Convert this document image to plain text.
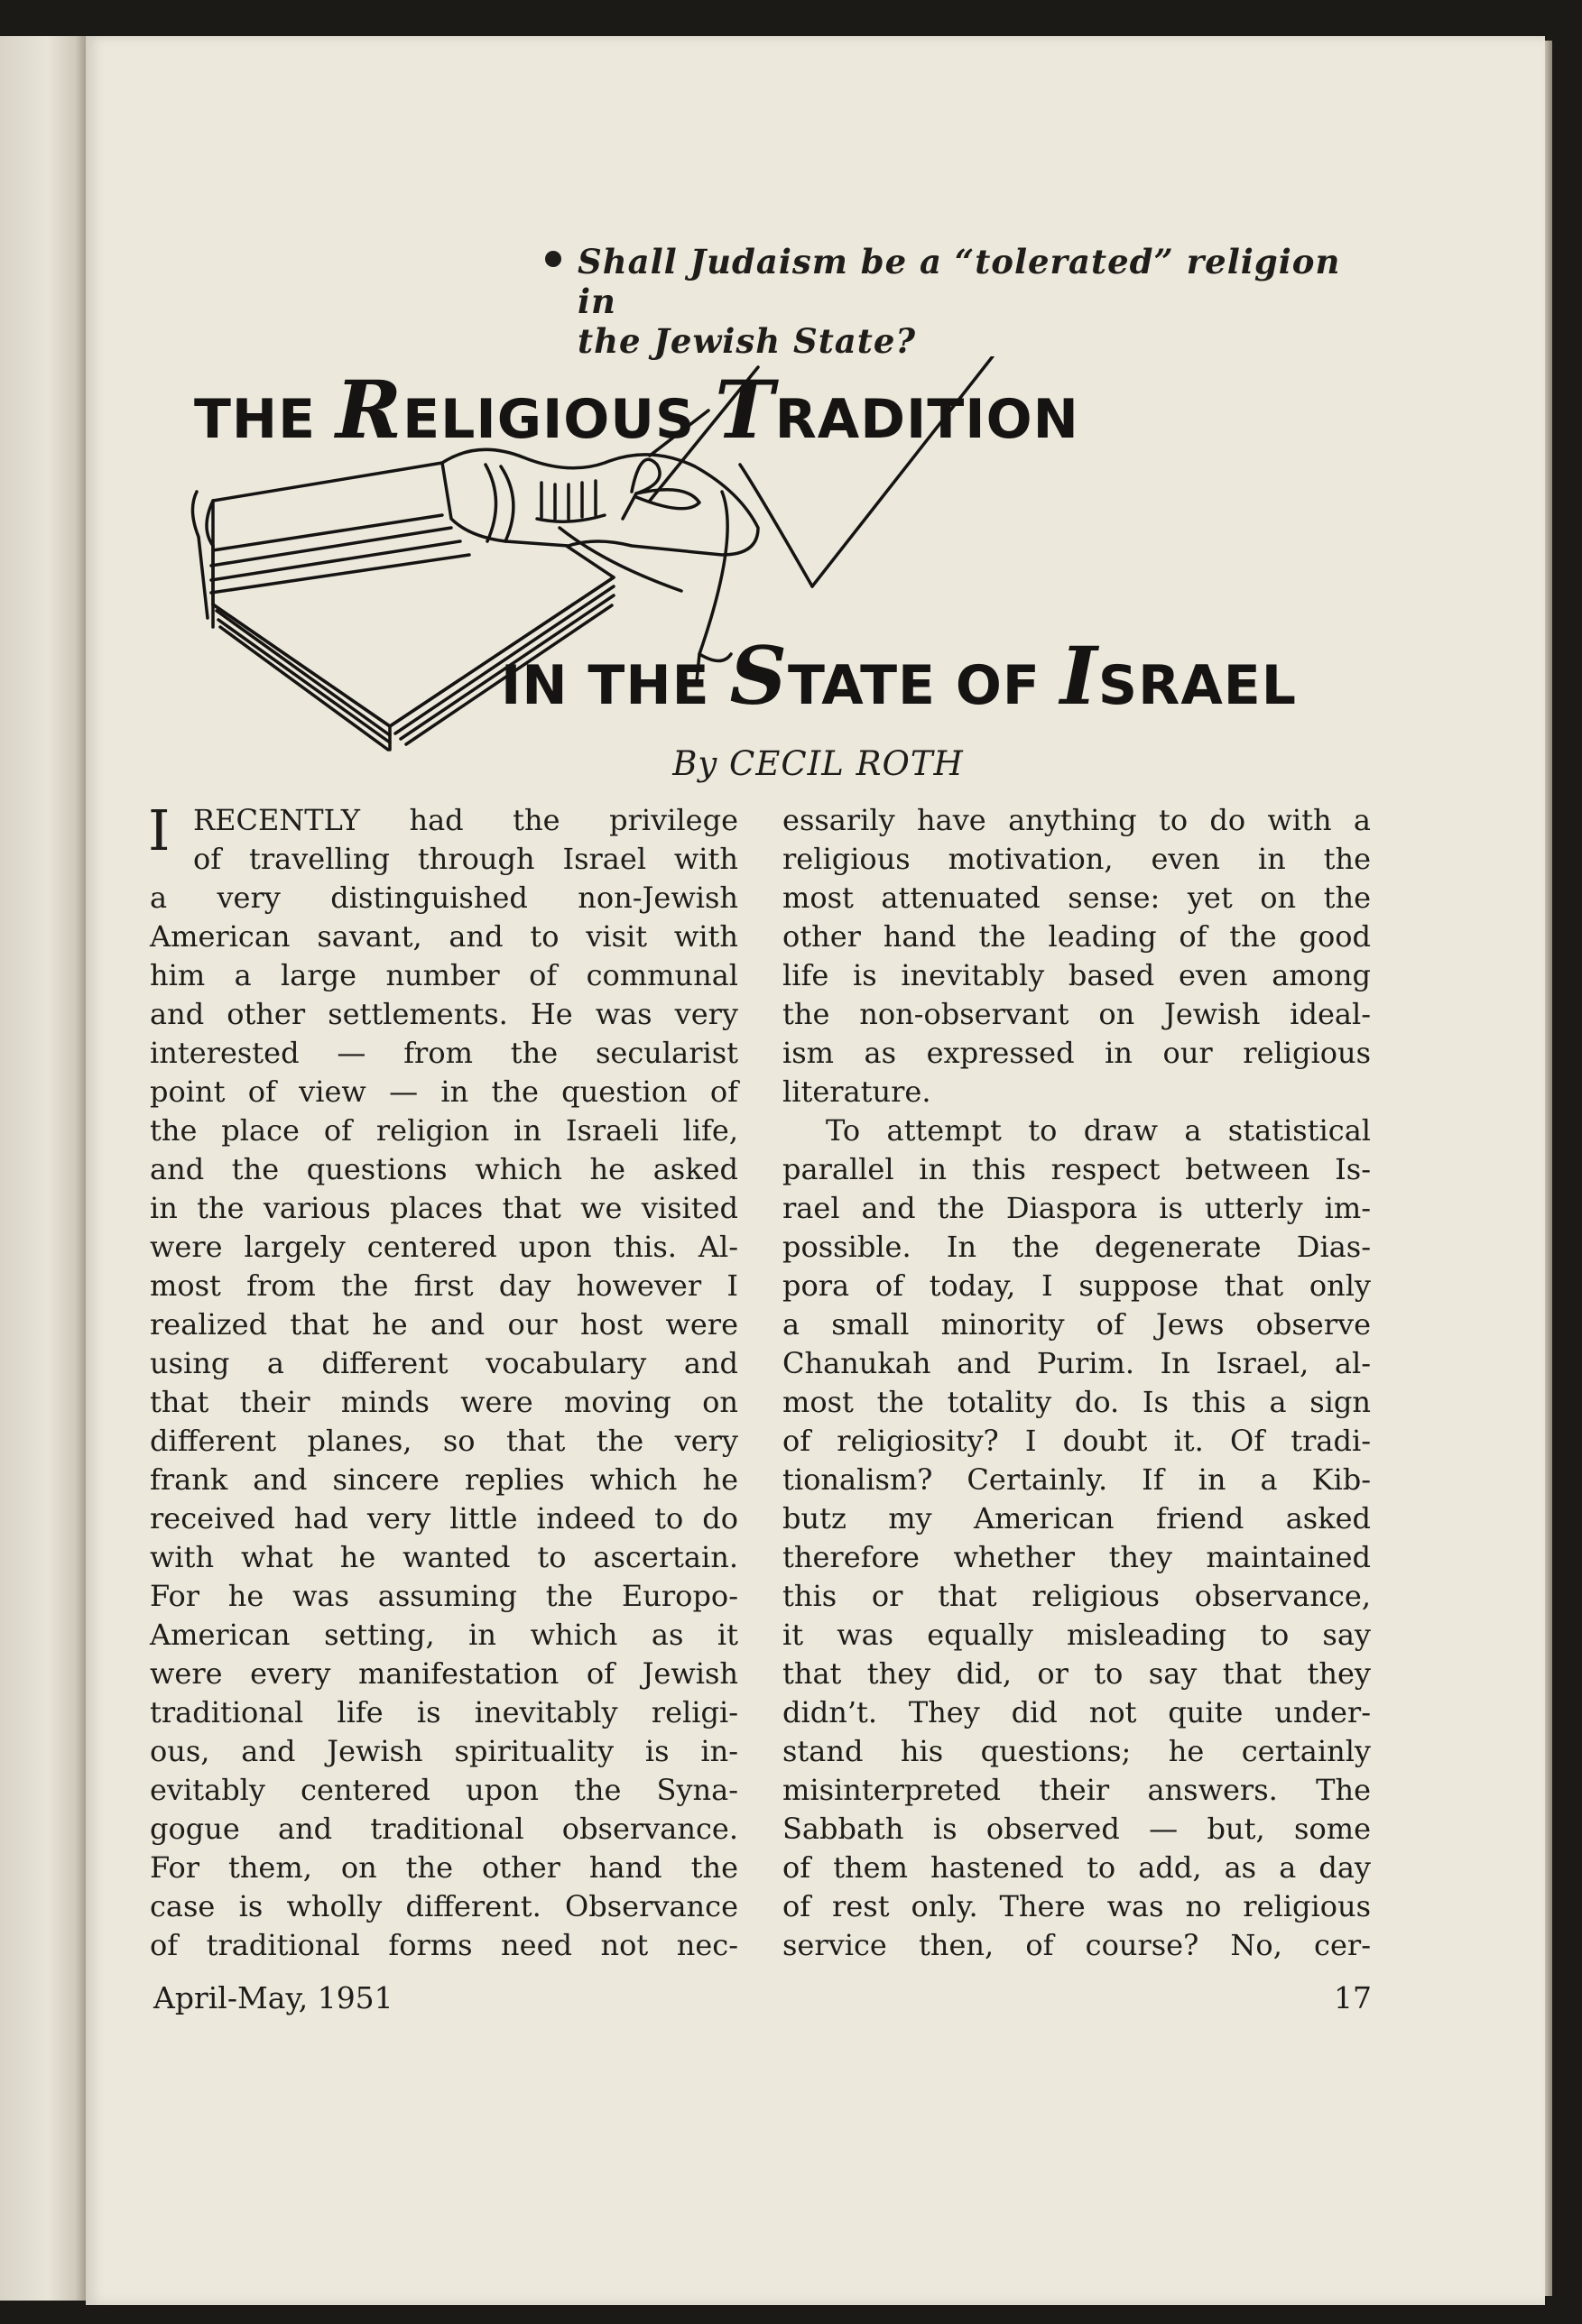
Shall Judaism be a “tolerated” religion in
the Jewish State?
THE RELIGIOUS TRADITION
IN THE STATE OF ISRAEL
By CECIL ROTH
I RECENTLY had the privilege
of travelling through Israel with
a very distinguished non-Jewish
American savant, and to visit with
him a large number of communal
and other settlements. He was very
interested — from the secularist
point of view — in the question of
the place of religion in Israeli life,
and the questions which he asked
in the various places that we visited
were largely centered upon this. Al-
most from the first day however I
realized that he and our host were
using a different vocabulary and
that their minds were moving on
different planes, so that the very
frank and sincere replies which he
received had very little indeed to do
with what he wanted to ascertain.
For he was assuming the Europo-
American setting, in which as it
were every manifestation of Jewish
traditional life is inevitably religi-
ous, and Jewish spirituality is in-
evitably centered upon the Syna-
gogue and traditional observance.
For them, on the other hand the
case is wholly different. Observance
of traditional forms need not nec-
essarily have anything to do with a
religious motivation, even in the
most attenuated sense: yet on the
other hand the leading of the good
life is inevitably based even among
the non-observant on Jewish ideal-
ism as expressed in our religious
literature.
To attempt to draw a statistical
parallel in this respect between Is-
rael and the Diaspora is utterly im-
possible. In the degenerate Dias-
pora of today, I suppose that only
a small minority of Jews observe
Chanukah and Purim. In Israel, al-
most the totality do. Is this a sign
of religiosity? I doubt it. Of tradi-
tionalism? Certainly. If in a Kib-
butz my American friend asked
therefore whether they maintained
this or that religious observance,
it was equally misleading to say
that they did, or to say that they
didn’t. They did not quite under-
stand his questions; he certainly
misinterpreted their answers. The
Sabbath is observed — but, some
of them hastened to add, as a day
of rest only. There was no religious
service then, of course? No, cer-
April-May, 1951	17
